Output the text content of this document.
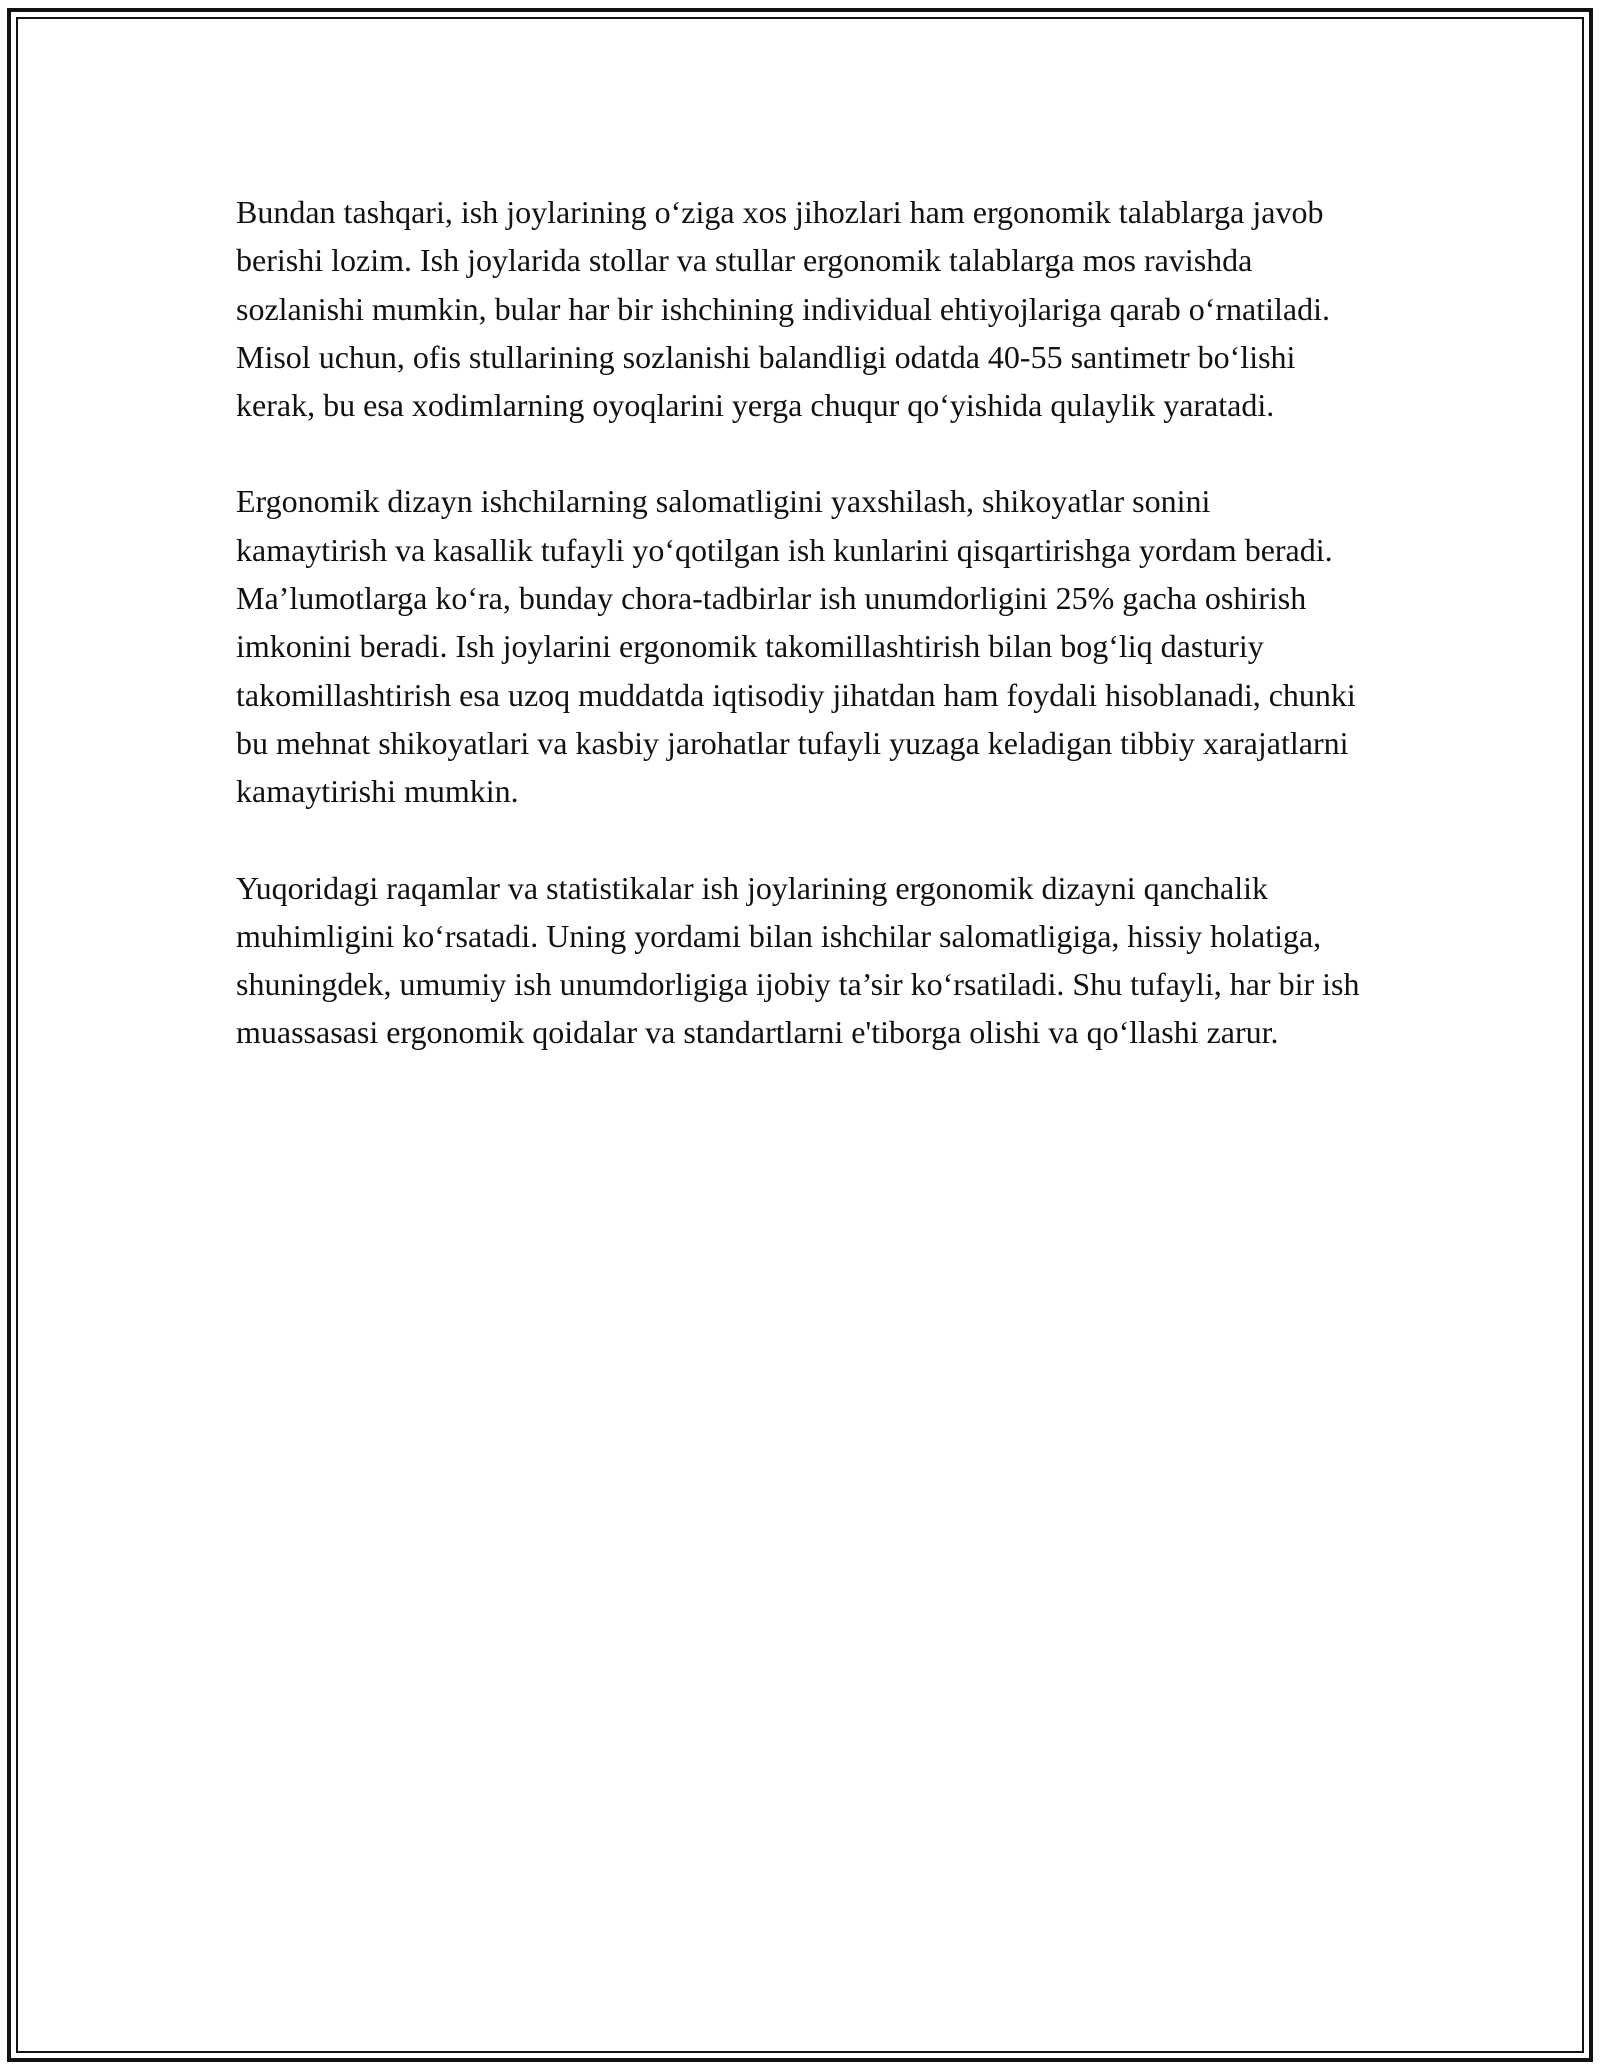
Bundan tashqari, ish joylarining o‘ziga xos jihozlari ham ergonomik talablarga javob berishi lozim. Ish joylarida stollar va stullar ergonomik talablarga mos ravishda sozlanishi mumkin, bular har bir ishchining individual ehtiyojlariga qarab o‘rnatiladi. Misol uchun, ofis stullarining sozlanishi balandligi odatda 40-55 santimetr bo‘lishi kerak, bu esa xodimlarning oyoqlarini yerga chuqur qo‘yishida qulaylik yaratadi.

Ergonomik dizayn ishchilarning salomatligini yaxshilash, shikoyatlar sonini kamaytirish va kasallik tufayli yo‘qotilgan ish kunlarini qisqartirishga yordam beradi. Ma’lumotlarga ko‘ra, bunday chora-tadbirlar ish unumdorligini 25% gacha oshirish imkonini beradi. Ish joylarini ergonomik takomillashtirish bilan bog‘liq dasturiy takomillashtirish esa uzoq muddatda iqtisodiy jihatdan ham foydali hisoblanadi, chunki bu mehnat shikoyatlari va kasbiy jarohatlar tufayli yuzaga keladigan tibbiy xarajatlarni kamaytirishi mumkin.

Yuqoridagi raqamlar va statistikalar ish joylarining ergonomik dizayni qanchalik muhimligini ko‘rsatadi. Uning yordami bilan ishchilar salomatligiga, hissiy holatiga, shuningdek, umumiy ish unumdorligiga ijobiy ta’sir ko‘rsatiladi. Shu tufayli, har bir ish muassasasi ergonomik qoidalar va standartlarni e'tiborga olishi va qo‘llashi zarur.
